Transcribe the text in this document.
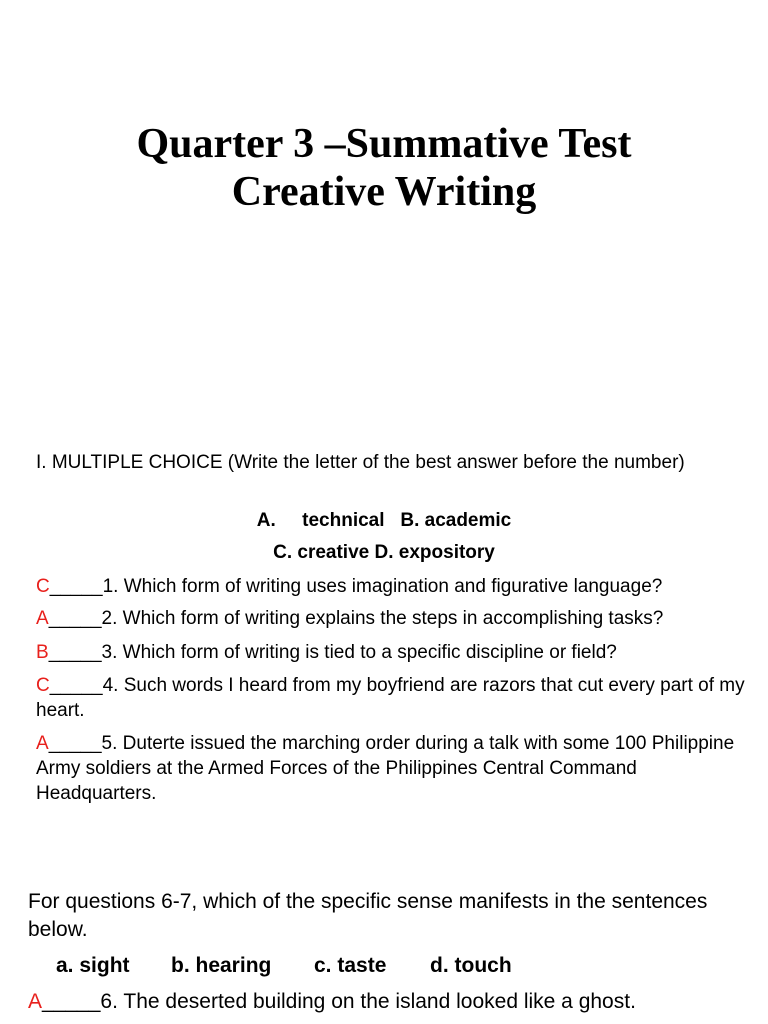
Quarter 3 –Summative Test
Creative Writing
I. MULTIPLE CHOICE (Write the letter of the best answer before the number)
A.     technical   B. academic
C. creative D. expository
C_____1. Which form of writing uses imagination and figurative language?
A_____2. Which form of writing explains the steps in accomplishing tasks?
B_____3. Which form of writing is tied to a specific discipline or field?
C_____4. Such words I heard from my boyfriend are razors that cut every part of my heart.
A_____5. Duterte issued the marching order during a talk with some 100 Philippine Army soldiers at the Armed Forces of the Philippines Central Command Headquarters.
For questions 6-7, which of the specific sense manifests in the sentences below.
a. sight b. hearing c. taste d. touch
A_____6. The deserted building on the island looked like a ghost.
